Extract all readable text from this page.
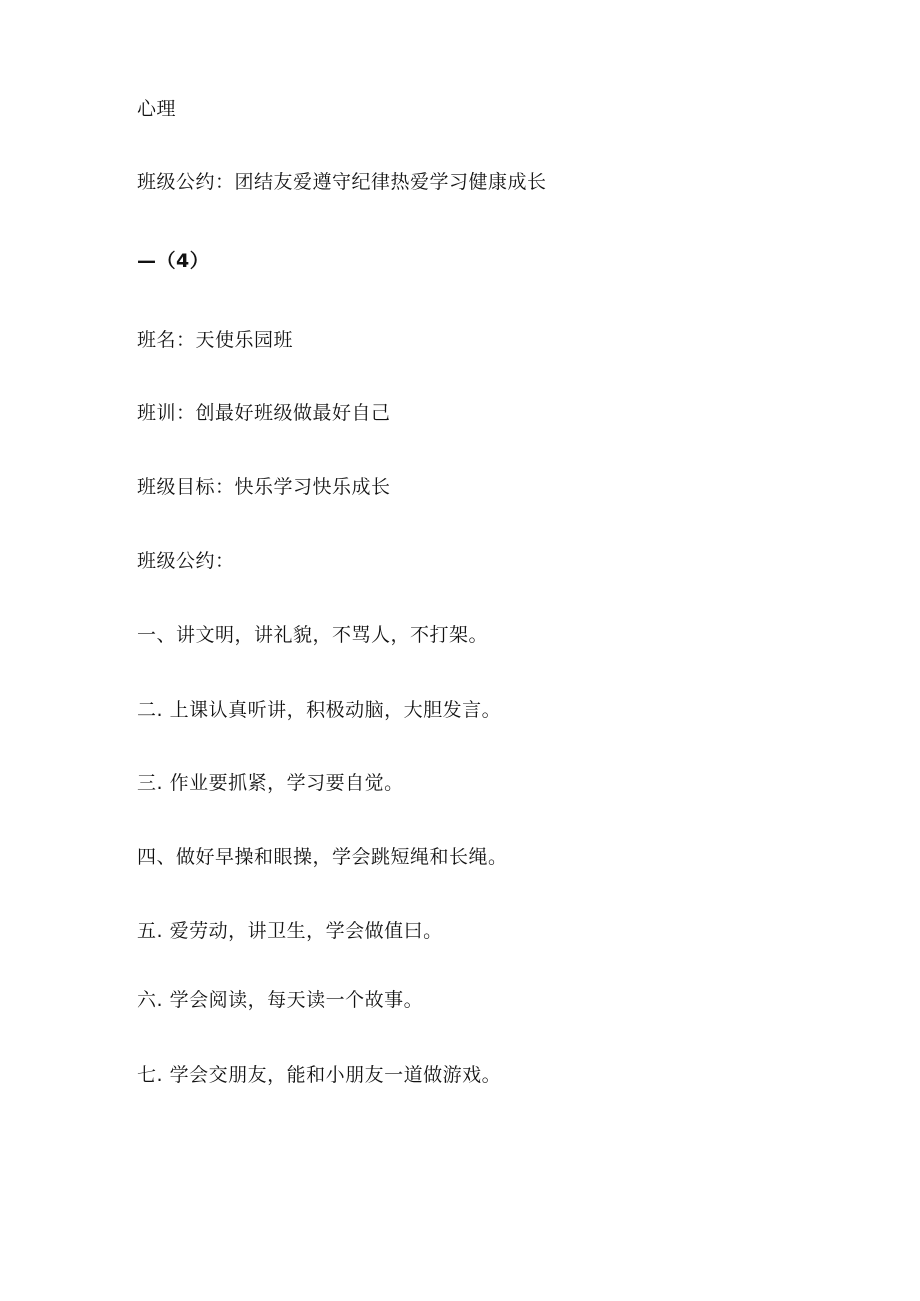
心理
班级公约：团结友爱遵守纪律热爱学习健康成长
—（4）
班名：天使乐园班
班训：创最好班级做最好自己
班级目标：快乐学习快乐成长
班级公约：
一、讲文明，讲礼貌，不骂人，不打架。
二. 上课认真听讲，积极动脑，大胆发言。
三. 作业要抓紧，学习要自觉。
四、做好早操和眼操，学会跳短绳和长绳。
五. 爱劳动，讲卫生，学会做值曰。
六. 学会阅读，每天读一个故事。
七. 学会交朋友，能和小朋友一道做游戏。
